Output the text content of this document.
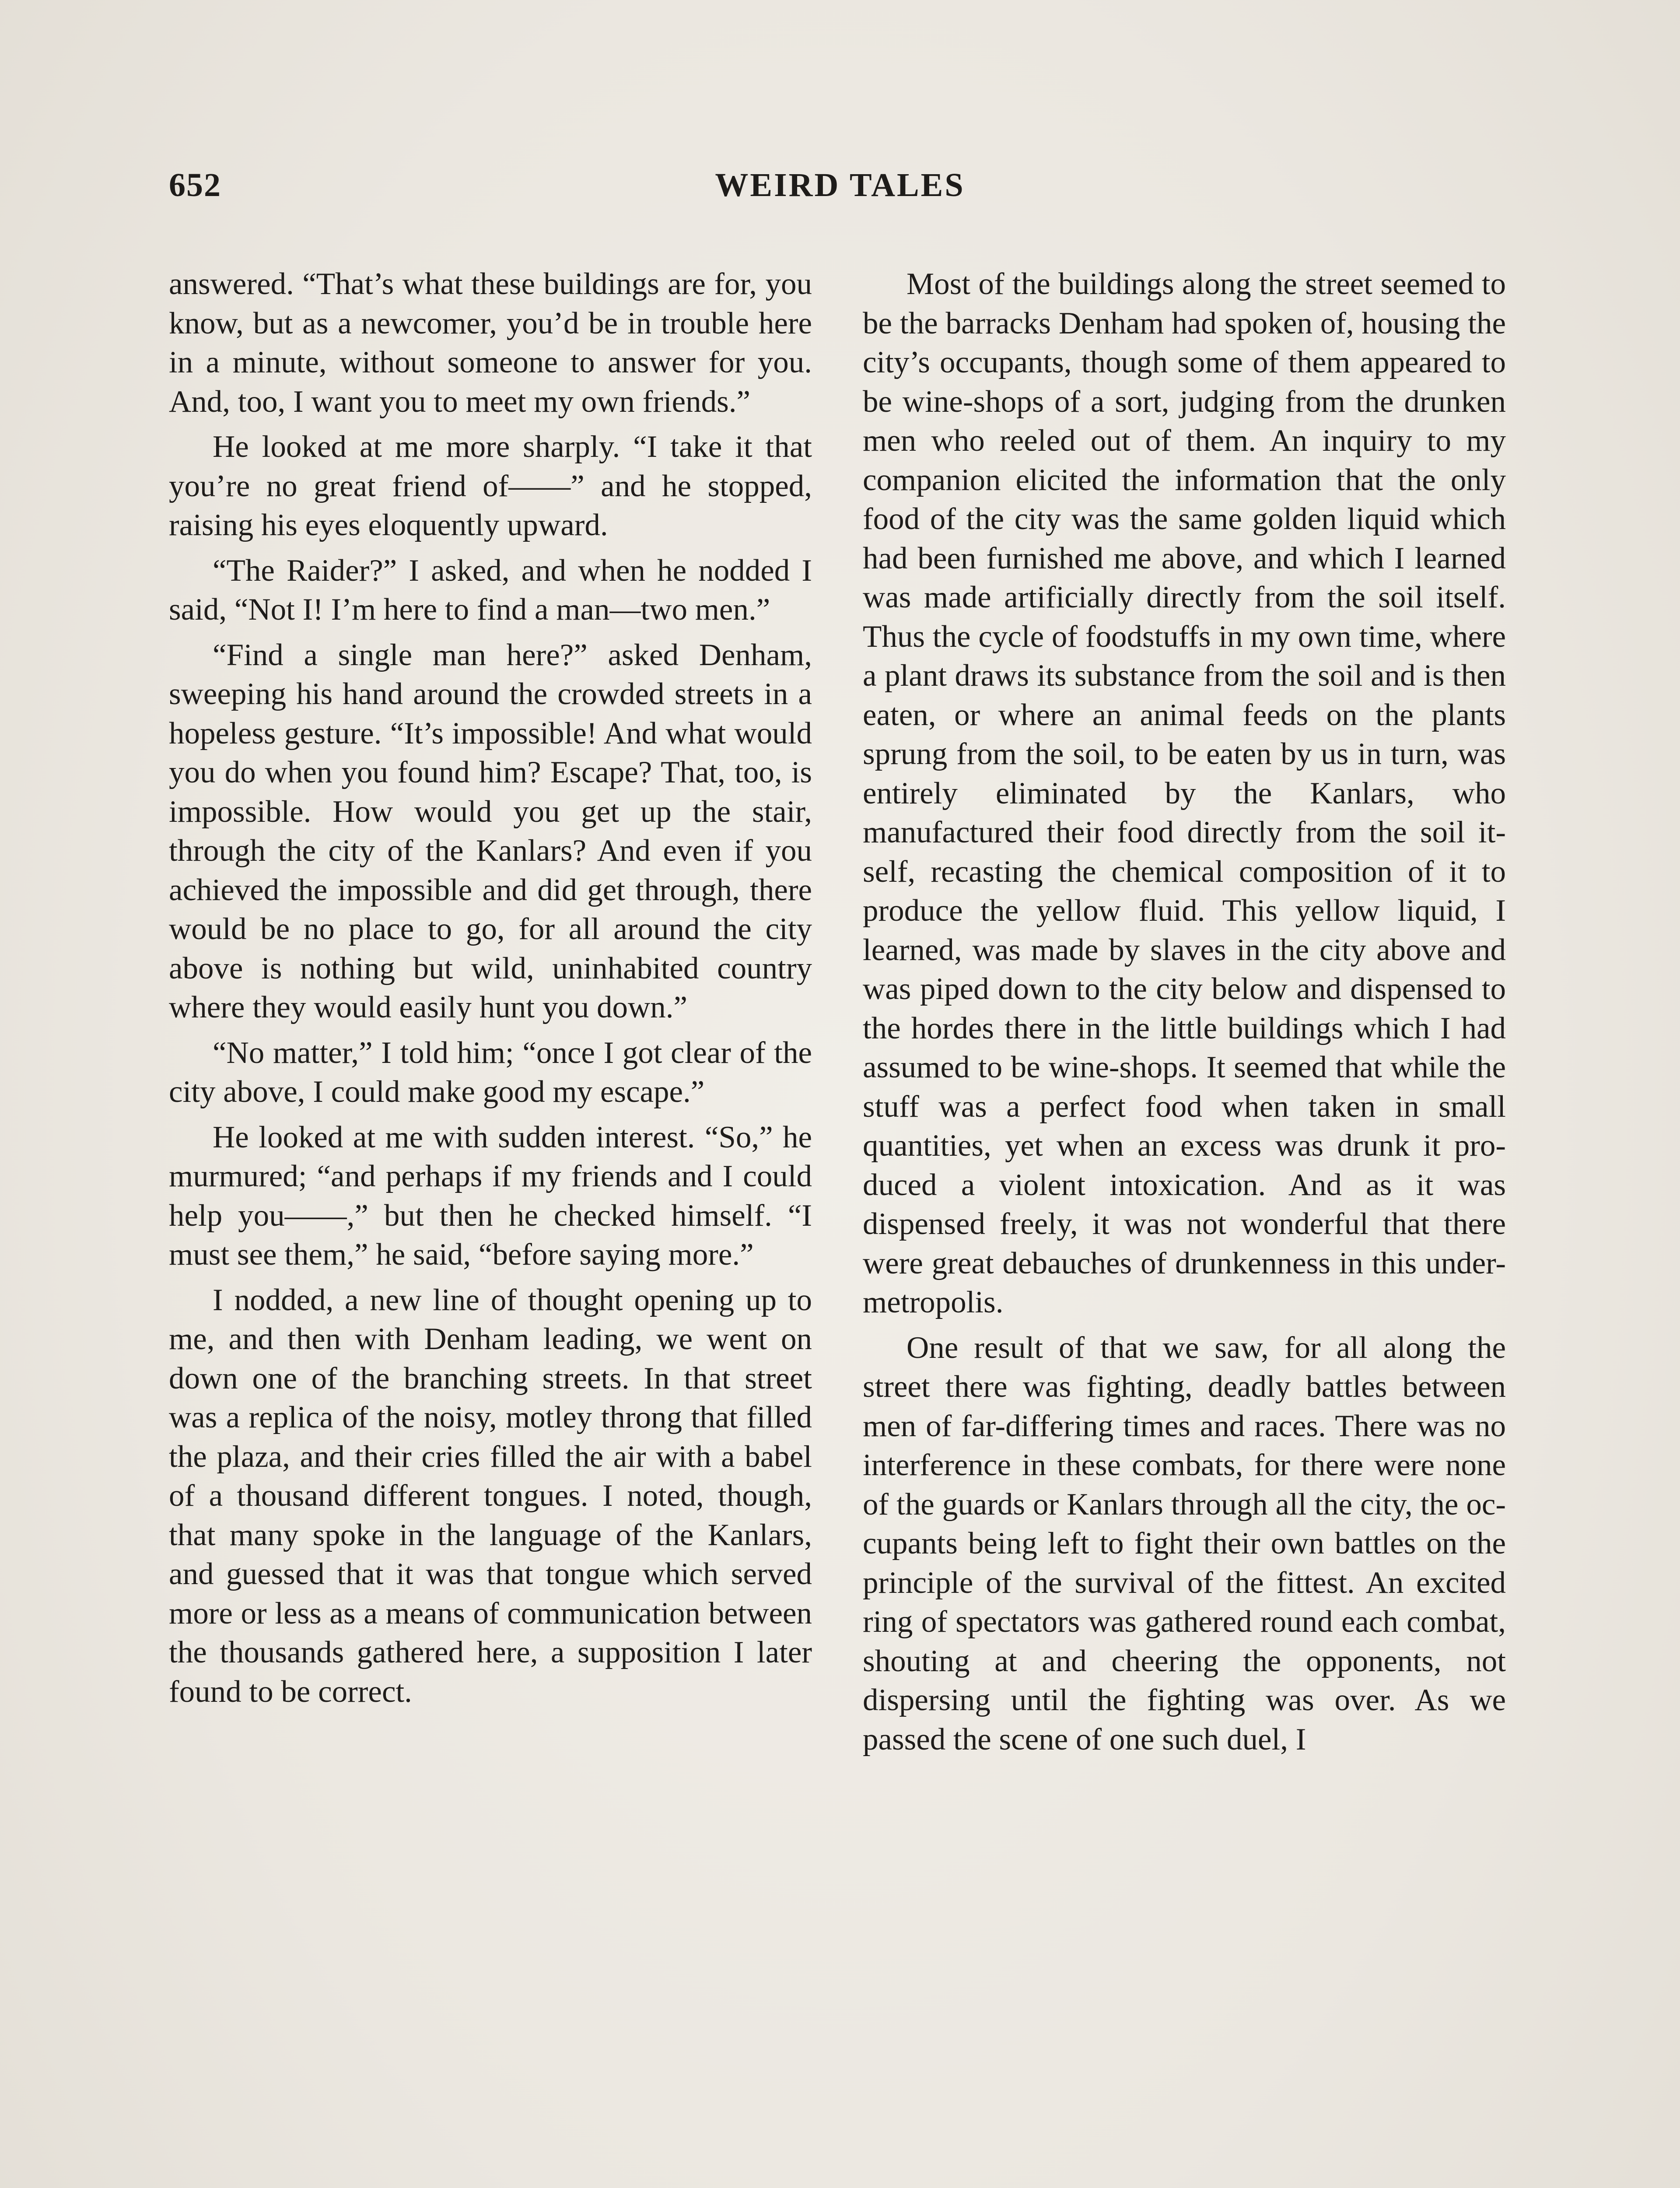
652	WEIRD TALES

answered. “That’s what these buildings are for, you know, but as a newcomer, you’d be in trouble here in a minute, without someone to answer for you. And, too, I want you to meet my own friends.”

He looked at me more sharply. “I take it that you’re no great friend of——” and he stopped, raising his eyes eloquently upward.

“The Raider?” I asked, and when he nodded I said, “Not I! I’m here to find a man—two men.”

“Find a single man here?” asked Denham, sweeping his hand around the crowded streets in a hopeless gesture. “It’s impossible! And what would you do when you found him? Escape? That, too, is impossible. How would you get up the stair, through the city of the Kanlars? And even if you achieved the impossible and did get through, there would be no place to go, for all around the city above is nothing but wild, uninhabited country where they would easily hunt you down.”

“No matter,” I told him; “once I got clear of the city above, I could make good my escape.”

He looked at me with sudden interest. “So,” he murmured; “and perhaps if my friends and I could help you——,” but then he checked himself. “I must see them,” he said, “before saying more.”

I nodded, a new line of thought opening up to me, and then with Denham leading, we went on down one of the branching streets. In that street was a replica of the noisy, motley throng that filled the plaza, and their cries filled the air with a babel of a thousand different tongues. I noted, though, that many spoke in the language of the Kanlars, and guessed that it was that tongue which served more or less as a means of communication between the thousands gathered here, a supposition I later found to be correct.

Most of the buildings along the street seemed to be the barracks Denham had spoken of, housing the city’s occupants, though some of them appeared to be wine-shops of a sort, judging from the drunken men who reeled out of them. An inquiry to my companion elicited the information that the only food of the city was the same golden liquid which had been furnished me above, and which I learned was made artificially directly from the soil itself. Thus the cycle of foodstuffs in my own time, where a plant draws its substance from the soil and is then eaten, or where an animal feeds on the plants sprung from the soil, to be eaten by us in turn, was entirely eliminated by the Kanlars, who manufactured their food directly from the soil itself, recasting the chemical composition of it to produce the yellow fluid. This yellow liquid, I learned, was made by slaves in the city above and was piped down to the city below and dispensed to the hordes there in the little buildings which I had assumed to be wine-shops. It seemed that while the stuff was a perfect food when taken in small quantities, yet when an excess was drunk it produced a violent intoxication. And as it was dispensed freely, it was not wonderful that there were great debauches of drunkenness in this under-metropolis.

One result of that we saw, for all along the street there was fighting, deadly battles between men of far-differing times and races. There was no interference in these combats, for there were none of the guards or Kanlars through all the city, the occupants being left to fight their own battles on the principle of the survival of the fittest. An excited ring of spectators was gathered round each combat, shouting at and cheering the opponents, not dispersing until the fighting was over. As we passed the scene of one such duel, I
